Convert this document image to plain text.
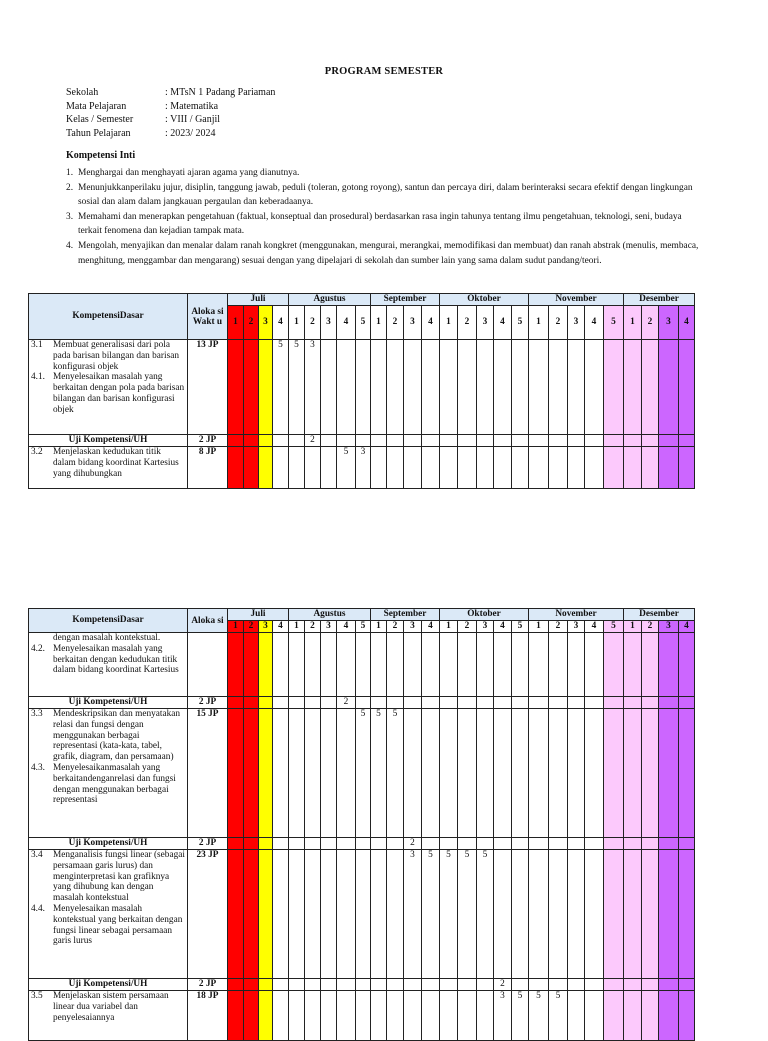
PROGRAM SEMESTER
Sekolah	: MTsN 1 Padang Pariaman
Mata Pelajaran	: Matematika
Kelas / Semester	: VIII / Ganjil
Tahun Pelajaran	: 2023/ 2024
Kompetensi Inti
1. Menghargai dan menghayati ajaran agama yang dianutnya.
2. Menunjukkanperilaku jujur, disiplin, tanggung jawab, peduli (toleran, gotong royong), santun dan percaya diri, dalam berinteraksi secara efektif dengan lingkungan sosial dan alam dalam jangkauan pergaulan dan keberadaanya.
3. Memahami dan menerapkan pengetahuan (faktual, konseptual dan prosedural) berdasarkan rasa ingin tahunya tentang ilmu pengetahuan, teknologi, seni, budaya terkait fenomena dan kejadian tampak mata.
4. Mengolah, menyajikan dan menalar dalam ranah kongkret (menggunakan, mengurai, merangkai, memodifikasi dan membuat) dan ranah abstrak (menulis, membaca, menghitung, menggambar dan mengarang) sesuai dengan yang dipelajari di sekolah dan sumber lain yang sama dalam sudut pandang/teori.
KompetensiDasar	Aloka si Wakt u	Juli				Agustus					September				Oktober					November					Desember			
		1	2	3	4	1	2	3	4	5	1	2	3	4	1	2	3	4	5	1	2	3	4	5	1	2	3	4

3.1 Membuat generalisasi dari pola pada barisan bilangan dan barisan konfigurasi objek
4.1. Menyelesaikan masalah yang berkaitan dengan pola pada barisan bilangan dan barisan konfigurasi objek	13 JP				5	5	3																					
Uji Kompetensi/UH	2 JP						2																					

3.2 Menjelaskan kedudukan titik dalam bidang koordinat Kartesius yang dihubungkan	8 JP								5	3																		
KompetensiDasar	Aloka si	Juli				Agustus					September				Oktober					November					Desember			
		1	2	3	4	1	2	3	4	5	1	2	3	4	1	2	3	4	5	1	2	3	4	5	1	2	3	4

dengan masalah kontekstual.
4.2. Menyelesaikan masalah yang berkaitan dengan kedudukan titik dalam bidang koordinat Kartesius																												

Uji Kompetensi/UH	2 JP								2																			

3.3 Mendeskripsikan dan menyatakan relasi dan fungsi dengan menggunakan berbagai representasi (kata-kata, tabel, grafik, diagram, dan persamaan)
4.3. Menyelesaikanmasalah yang berkaitandenganrelasi dan fungsi dengan menggunakan berbagai representasi	15 JP									5	5	5																
Uji Kompetensi/UH	2 JP												2															

3.4 Menganalisis fungsi linear (sebagai persamaan garis lurus) dan menginterpretasi kan grafiknya yang dihubung kan dengan masalah kontekstual
4.4. Menyelesaikan masalah kontekstual yang berkaitan dengan fungsi linear sebagai persamaan garis lurus	23 JP												3	5	5	5	5											
Uji Kompetensi/UH	2 JP																	2										

3.5 Menjelaskan sistem persamaan linear dua variabel dan penyelesaiannya	18 JP																	3	5	5	5							
